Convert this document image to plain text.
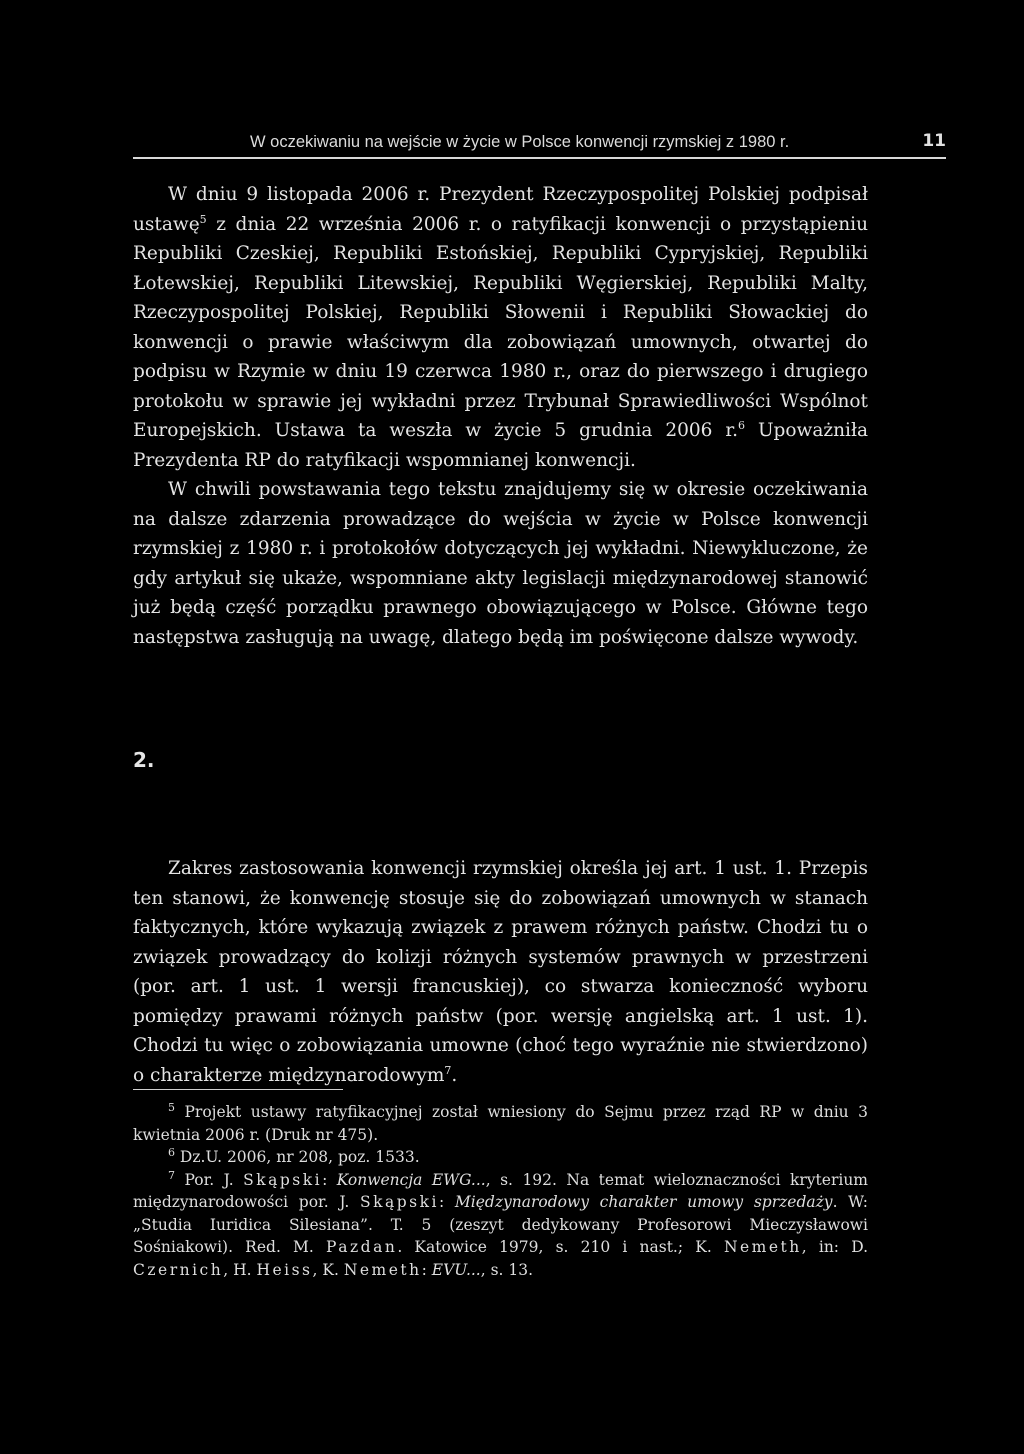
W oczekiwaniu na wejście w życie w Polsce konwencji rzymskiej z 1980 r.	11

W dniu 9 listopada 2006 r. Prezydent Rzeczypospolitej Polskiej podpisał ustawę$^5$ z dnia 22 września 2006 r. o ratyfikacji konwencji o przystąpieniu Republiki Czeskiej, Republiki Estońskiej, Republiki Cypryjskiej, Republiki Łotewskiej, Republiki Litewskiej, Republiki Węgierskiej, Republiki Malty, Rzeczypospolitej Polskiej, Republiki Słowenii i Republiki Słowackiej do konwencji o prawie właściwym dla zobowiązań umownych, otwartej do podpisu w Rzymie w dniu 19 czerwca 1980 r., oraz do pierwszego i drugiego protokołu w sprawie jej wykładni przez Trybunał Sprawiedliwości Wspólnot Europejskich. Ustawa ta weszła w życie 5 grudnia 2006 r.$^6$ Upoważniła Prezydenta RP do ratyfikacji wspomnianej konwencji.

W chwili powstawania tego tekstu znajdujemy się w okresie oczekiwania na dalsze zdarzenia prowadzące do wejścia w życie w Polsce konwencji rzymskiej z 1980 r. i protokołów dotyczących jej wykładni. Niewykluczone, że gdy artykuł się ukaże, wspomniane akty legislacji międzynarodowej stanowić już będą część porządku prawnego obowiązującego w Polsce. Główne tego następstwa zasługują na uwagę, dlatego będą im poświęcone dalsze wywody.

2.

Zakres zastosowania konwencji rzymskiej określa jej art. 1 ust. 1. Przepis ten stanowi, że konwencję stosuje się do zobowiązań umownych w stanach faktycznych, które wykazują związek z prawem różnych państw. Chodzi tu o związek prowadzący do kolizji różnych systemów prawnych w przestrzeni (por. art. 1 ust. 1 wersji francuskiej), co stwarza konieczność wyboru pomiędzy prawami różnych państw (por. wersję angielską art. 1 ust. 1). Chodzi tu więc o zobowiązania umowne (choć tego wyraźnie nie stwierdzono) o charakterze międzynarodowym$^7$.

$^5$ Projekt ustawy ratyfikacyjnej został wniesiony do Sejmu przez rząd RP w dniu 3 kwietnia 2006 r. (Druk nr 475).

$^6$ Dz.U. 2006, nr 208, poz. 1533.

$^7$ Por. J. Skąpski: Konwencja EWG..., s. 192. Na temat wieloznaczności kryterium międzynarodowości por. J. Skąpski: Międzynarodowy charakter umowy sprzedaży. W: „Studia Iuridica Silesiana”. T. 5 (zeszyt dedykowany Profesorowi Mieczysławowi Sośniakowi). Red. M. Pazdan. Katowice 1979, s. 210 i nast.; K. Nemeth, in: D. Czernich, H. Heiss, K. Nemeth: EVU..., s. 13.
